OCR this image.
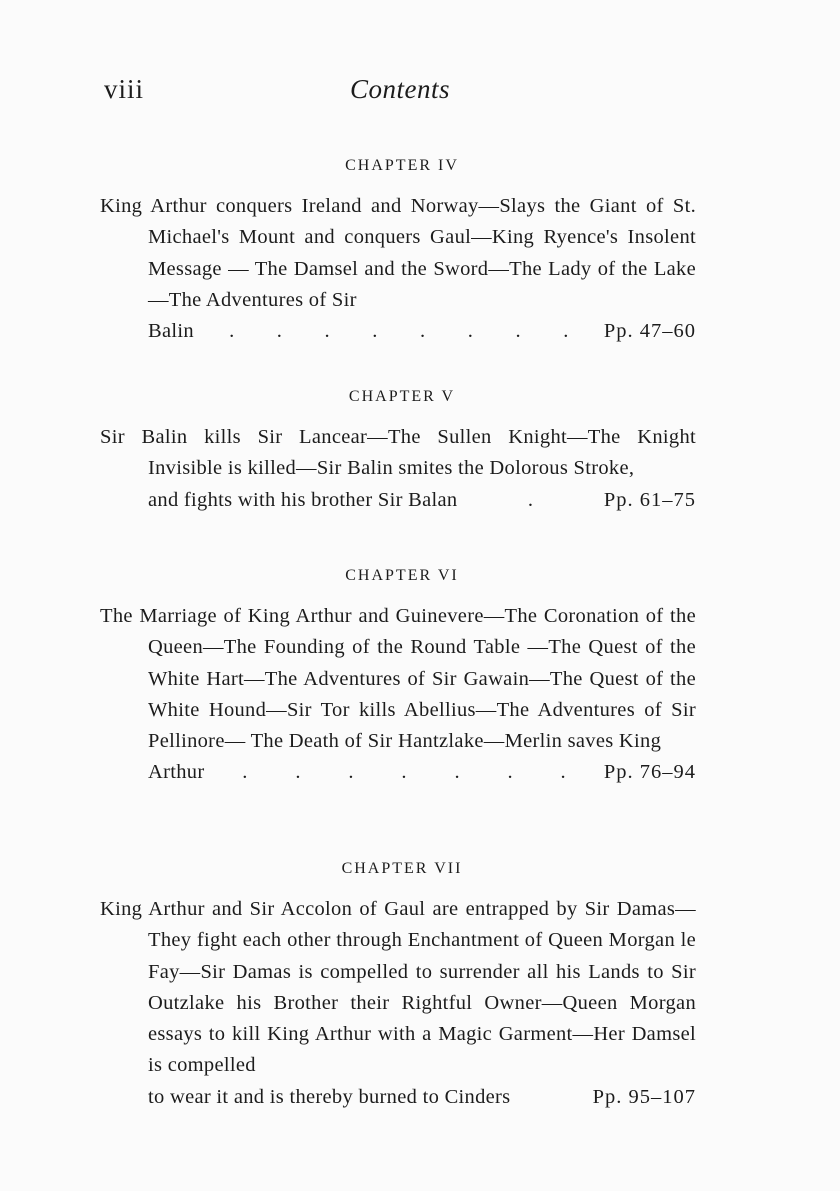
Contents
viii
CHAPTER IV
King Arthur conquers Ireland and Norway—Slays the Giant of St. Michael's Mount and conquers Gaul—King Ryence's Insolent Message — The Damsel and the Sword—The Lady of the Lake—The Adventures of Sir
Balin . . . . . . . . Pp. 47–60
CHAPTER V
Sir Balin kills Sir Lancear—The Sullen Knight—The Knight Invisible is killed—Sir Balin smites the Dolorous Stroke,
and fights with his brother Sir Balan	.	Pp. 61–75
CHAPTER VI
The Marriage of King Arthur and Guinevere—The Coronation of the Queen—The Founding of the Round Table —The Quest of the White Hart—The Adventures of Sir Gawain—The Quest of the White Hound—Sir Tor kills Abellius—The Adventures of Sir Pellinore— The Death of Sir Hantzlake—Merlin saves King
Arthur . . . . . . . Pp. 76–94
CHAPTER VII
King Arthur and Sir Accolon of Gaul are entrapped by Sir Damas—They fight each other through Enchantment of Queen Morgan le Fay—Sir Damas is compelled to surrender all his Lands to Sir Outzlake his Brother their Rightful Owner—Queen Morgan essays to kill King Arthur with a Magic Garment—Her Damsel is compelled
to wear it and is thereby burned to Cinders	Pp. 95–107
